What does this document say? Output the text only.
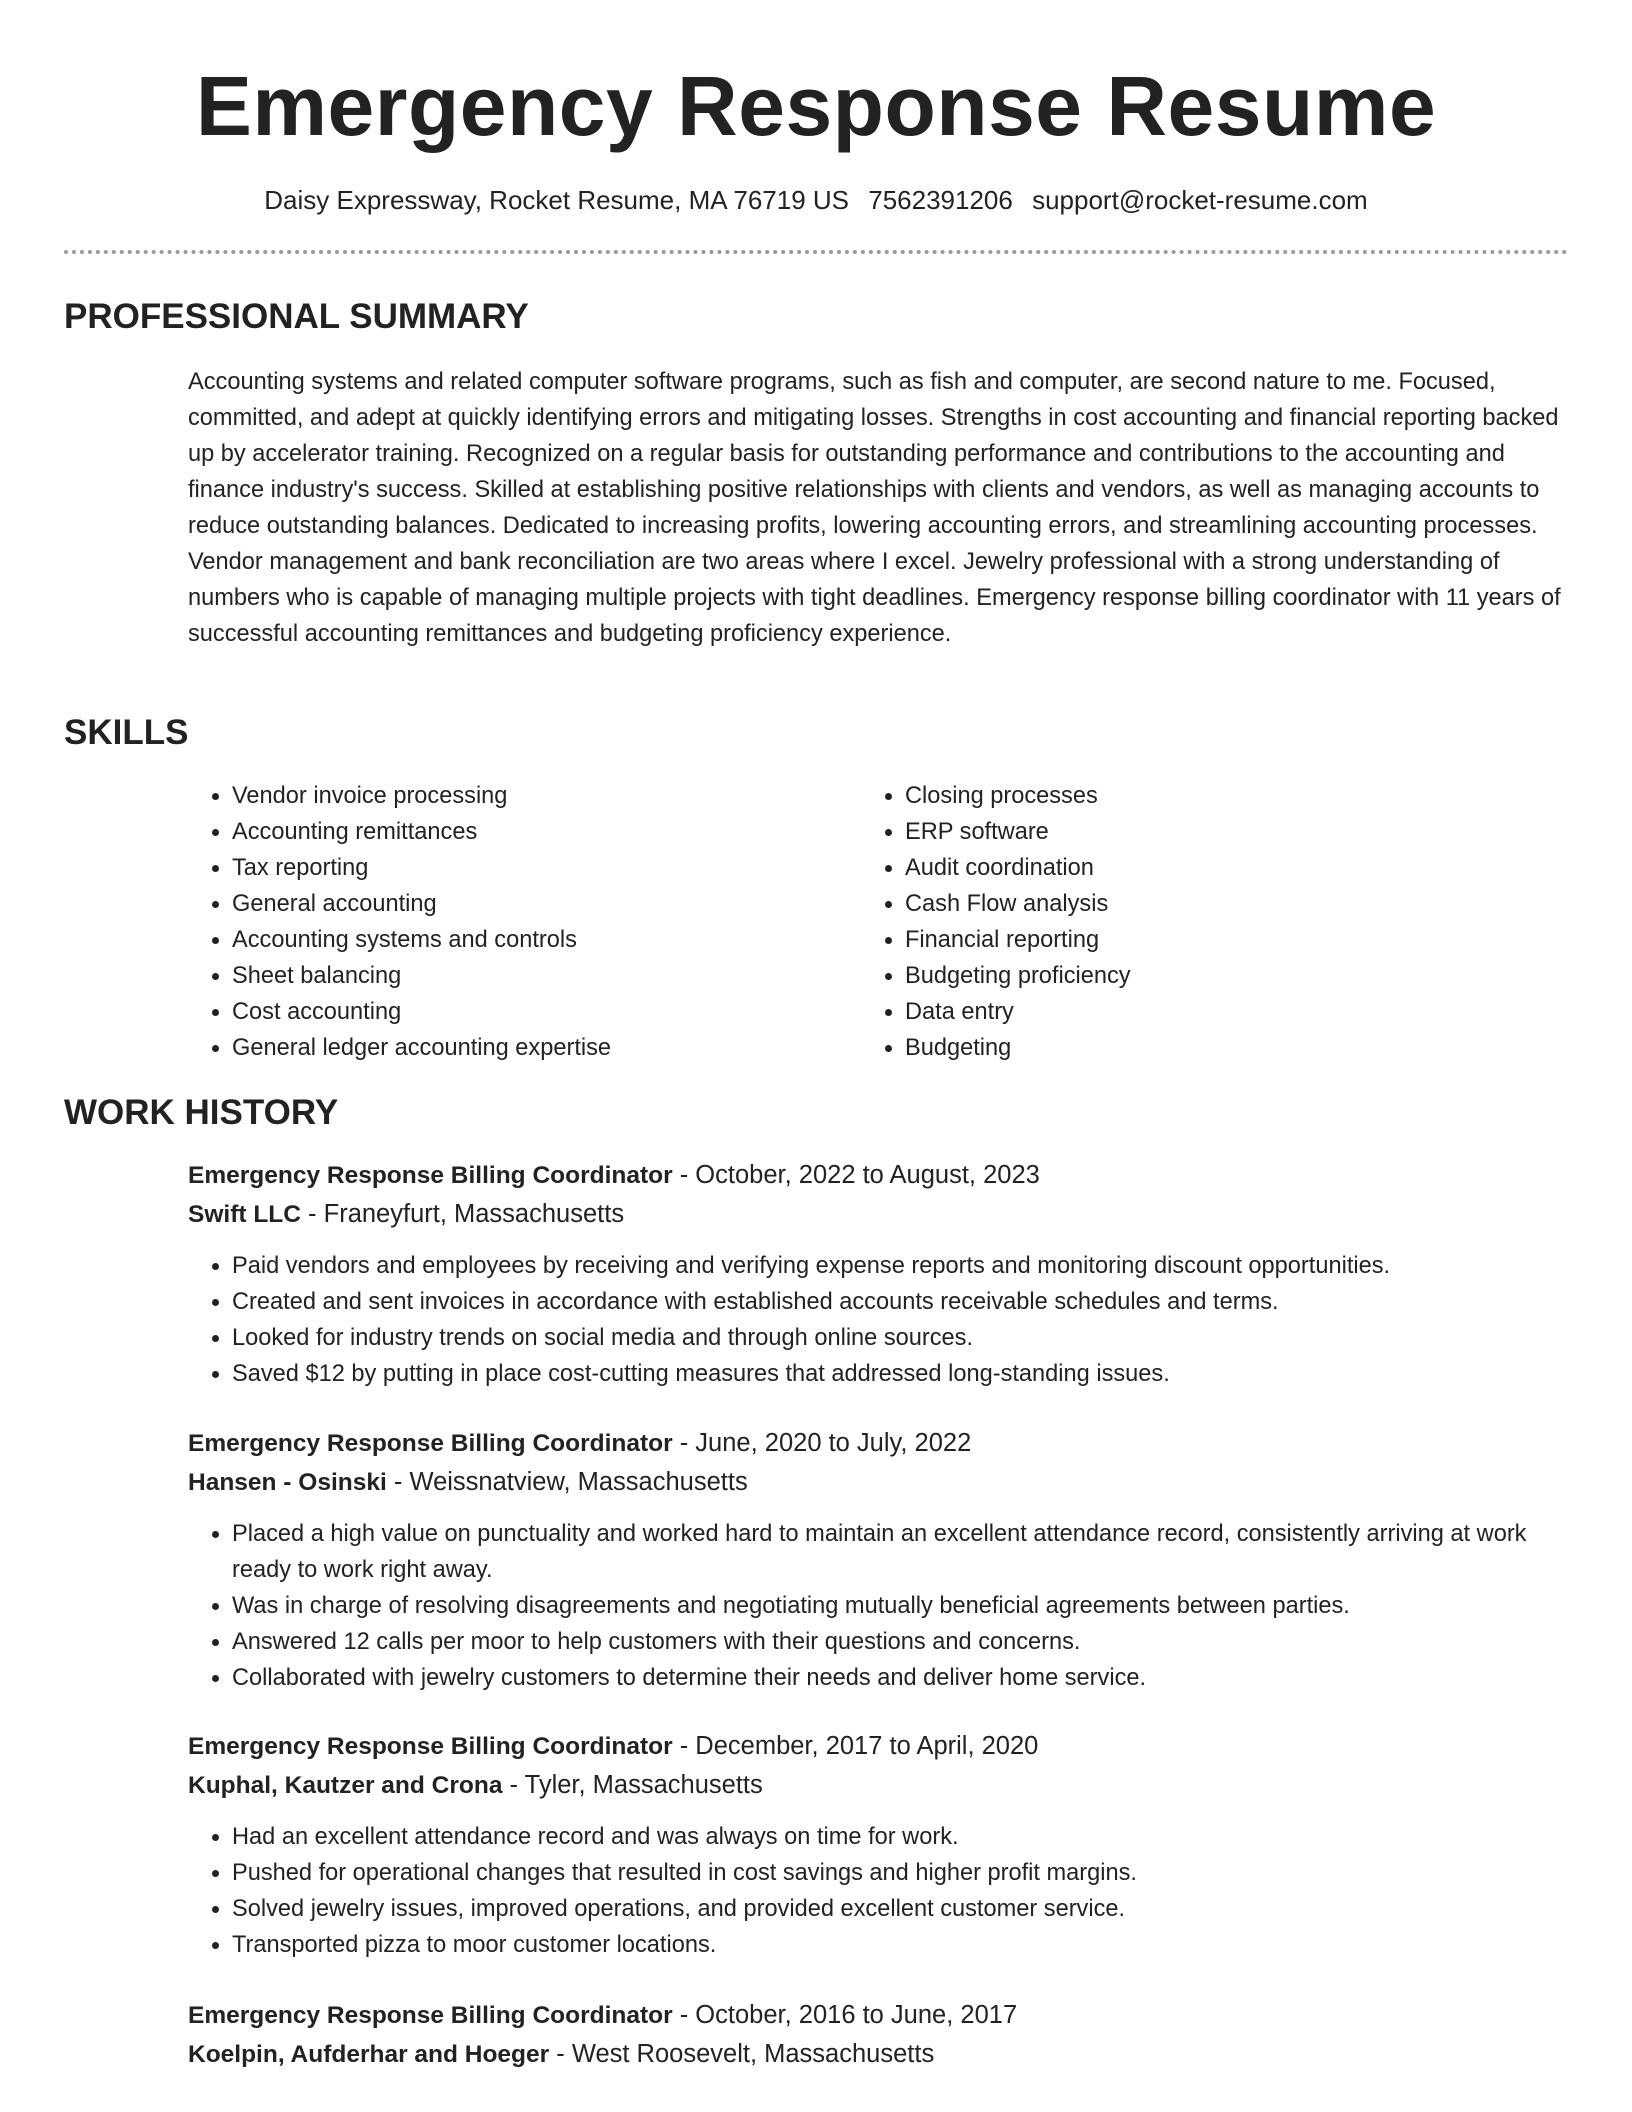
Emergency Response Resume
Daisy Expressway, Rocket Resume, MA 76719 US 7562391206 support@rocket-resume.com
PROFESSIONAL SUMMARY

Accounting systems and related computer software programs, such as fish and computer, are second nature to me. Focused, committed, and adept at quickly identifying errors and mitigating losses. Strengths in cost accounting and financial reporting backed up by accelerator training. Recognized on a regular basis for outstanding performance and contributions to the accounting and finance industry's success. Skilled at establishing positive relationships with clients and vendors, as well as managing accounts to reduce outstanding balances. Dedicated to increasing profits, lowering accounting errors, and streamlining accounting processes. Vendor management and bank reconciliation are two areas where I excel. Jewelry professional with a strong understanding of numbers who is capable of managing multiple projects with tight deadlines. Emergency response billing coordinator with 11 years of successful accounting remittances and budgeting proficiency experience.

SKILLS
• Vendor invoice processing
• Accounting remittances
• Tax reporting
• General accounting
• Accounting systems and controls
• Sheet balancing
• Cost accounting
• General ledger accounting expertise
• Closing processes
• ERP software
• Audit coordination
• Cash Flow analysis
• Financial reporting
• Budgeting proficiency
• Data entry
• Budgeting
WORK HISTORY

Emergency Response Billing Coordinator - October, 2022 to August, 2023

Swift LLC - Franeyfurt, Massachusetts

• Paid vendors and employees by receiving and verifying expense reports and monitoring discount opportunities.
• Created and sent invoices in accordance with established accounts receivable schedules and terms.
• Looked for industry trends on social media and through online sources.
• Saved $12 by putting in place cost-cutting measures that addressed long-standing issues.

Emergency Response Billing Coordinator - June, 2020 to July, 2022

Hansen - Osinski - Weissnatview, Massachusetts

• Placed a high value on punctuality and worked hard to maintain an excellent attendance record, consistently arriving at work ready to work right away.
• Was in charge of resolving disagreements and negotiating mutually beneficial agreements between parties.
• Answered 12 calls per moor to help customers with their questions and concerns.
• Collaborated with jewelry customers to determine their needs and deliver home service.

Emergency Response Billing Coordinator - December, 2017 to April, 2020

Kuphal, Kautzer and Crona - Tyler, Massachusetts

• Had an excellent attendance record and was always on time for work.
• Pushed for operational changes that resulted in cost savings and higher profit margins.
• Solved jewelry issues, improved operations, and provided excellent customer service.
• Transported pizza to moor customer locations.

Emergency Response Billing Coordinator - October, 2016 to June, 2017

Koelpin, Aufderhar and Hoeger - West Roosevelt, Massachusetts
